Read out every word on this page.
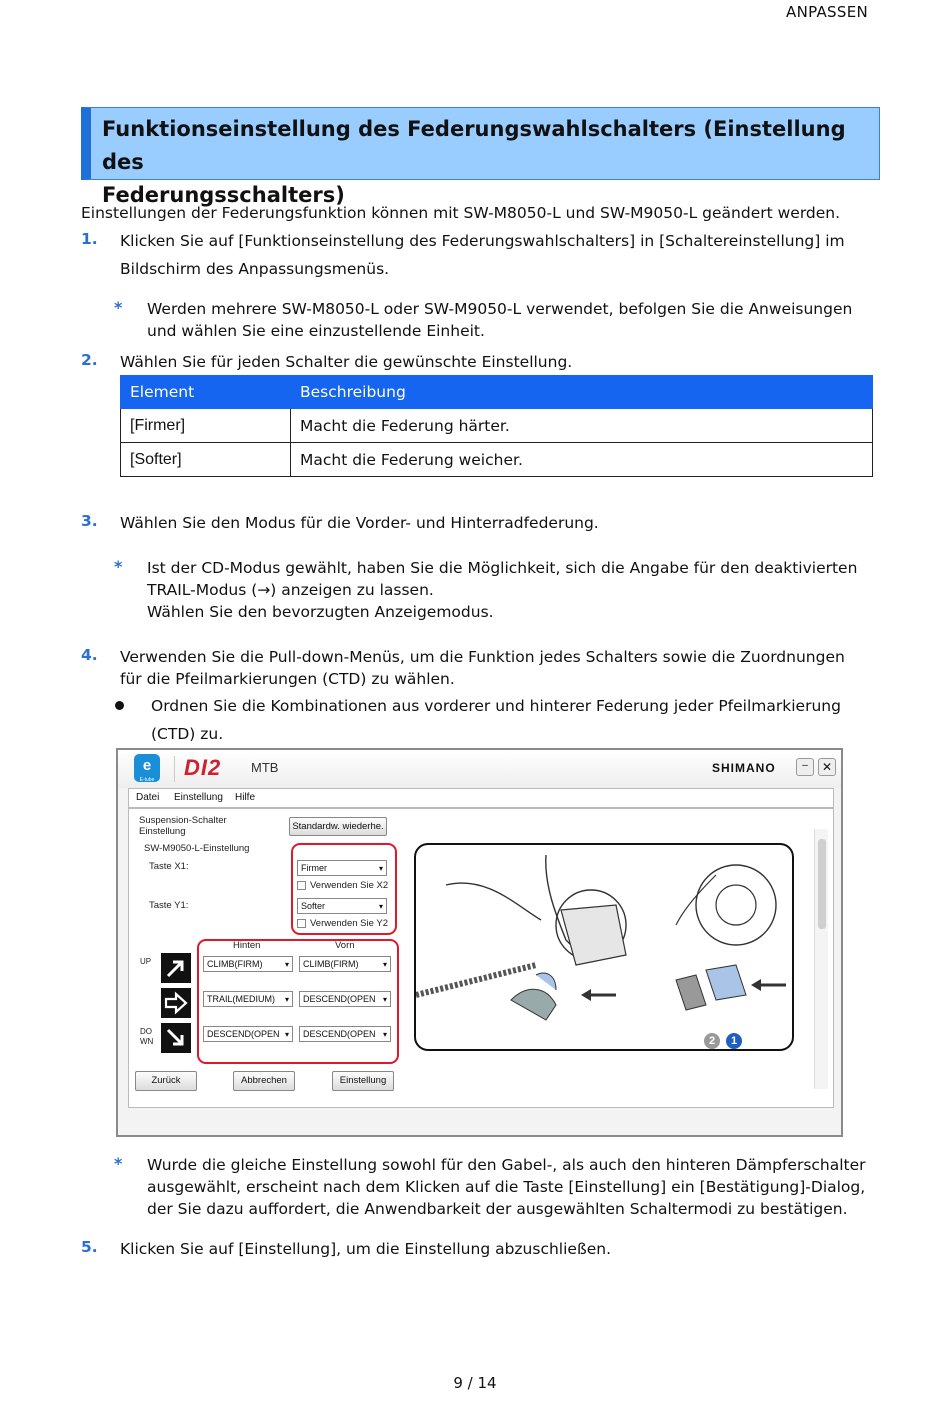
ANPASSEN
Funktionseinstellung des Federungswahlschalters (Einstellung des
Federungsschalters)
Einstellungen der Federungsfunktion können mit SW-M8050-L und SW-M9050-L geändert werden.
1. Klicken Sie auf [Funktionseinstellung des Federungswahlschalters] in [Schaltereinstellung] im
Bildschirm des Anpassungsmenüs.
* Werden mehrere SW-M8050-L oder SW-M9050-L verwendet, befolgen Sie die Anweisungen
und wählen Sie eine einzustellende Einheit.
2. Wählen Sie für jeden Schalter die gewünschte Einstellung.
Element	Beschreibung
[Firmer]	Macht die Federung härter.
[Softer]	Macht die Federung weicher.
3. Wählen Sie den Modus für die Vorder- und Hinterradfederung.
* Ist der CD-Modus gewählt, haben Sie die Möglichkeit, sich die Angabe für den deaktivierten
TRAIL-Modus (→) anzeigen zu lassen.
Wählen Sie den bevorzugten Anzeigemodus.
4. Verwenden Sie die Pull-down-Menüs, um die Funktion jedes Schalters sowie die Zuordnungen
für die Pfeilmarkierungen (CTD) zu wählen.
Ordnen Sie die Kombinationen aus vorderer und hinterer Federung jeder Pfeilmarkierung
(CTD) zu.
e
E-tube DI2 MTB	SHIMANO	‒	✕
Datei Einstellung Hilfe
Suspension-Schalter
Einstellung	Standardw. wiederhe.
SW-M9050-L-Einstellung
Taste X1:	Firmer ▾
Verwenden Sie X2
Taste Y1:	Softer ▾
Verwenden Sie Y2
Hinten	Vorn
UP
DO
WN
CLIMB(FIRM) ▾	CLIMB(FIRM) ▾
TRAIL(MEDIUM) ▾	DESCEND(OPEN ▾
DESCEND(OPEN ▾	DESCEND(OPEN ▾
Zurück	Abbrechen	Einstellung
2	1
* Wurde die gleiche Einstellung sowohl für den Gabel-, als auch den hinteren Dämpferschalter
ausgewählt, erscheint nach dem Klicken auf die Taste [Einstellung] ein [Bestätigung]-Dialog,
der Sie dazu auffordert, die Anwendbarkeit der ausgewählten Schaltermodi zu bestätigen.
5. Klicken Sie auf [Einstellung], um die Einstellung abzuschließen.
9 / 14
